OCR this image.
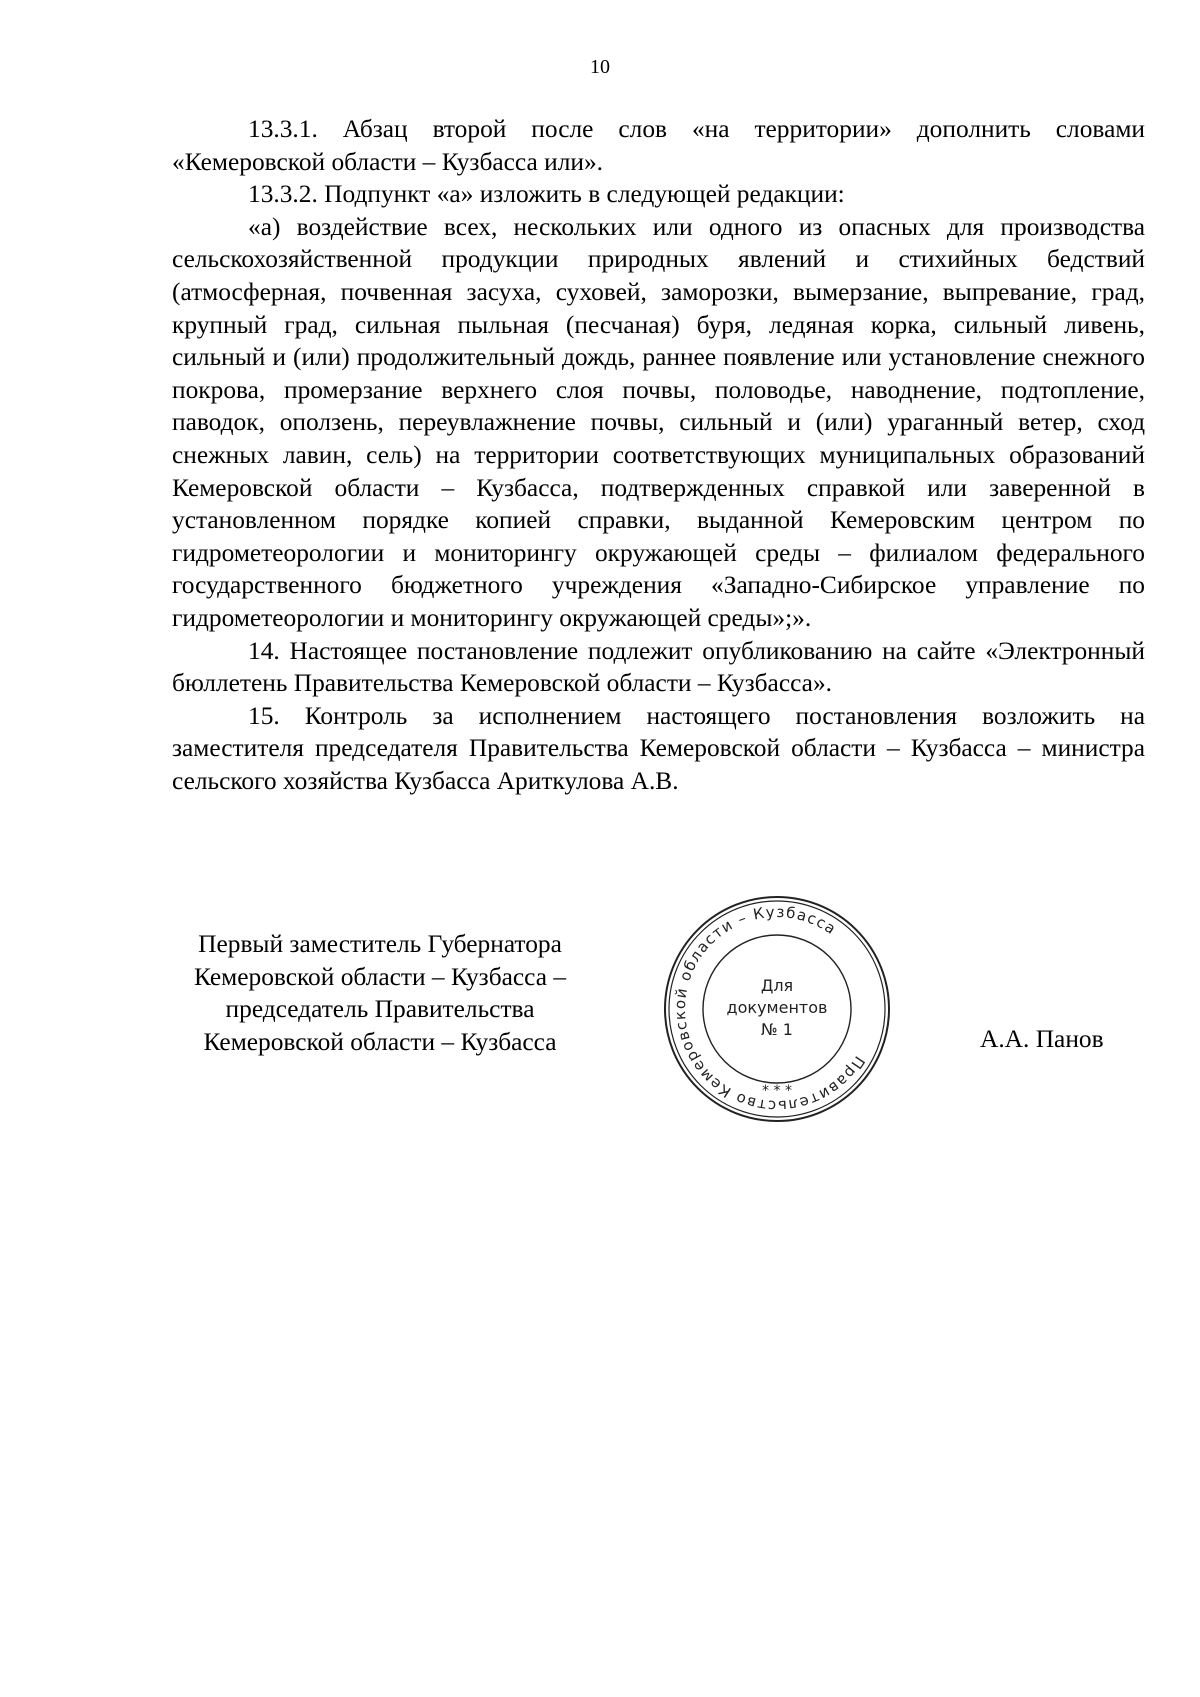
10

13.3.1. Абзац второй после слов «на территории» дополнить словами «Кемеровской области – Кузбасса или».

13.3.2. Подпункт «а» изложить в следующей редакции:

«а) воздействие всех, нескольких или одного из опасных для производства сельскохозяйственной продукции природных явлений и стихийных бедствий (атмосферная, почвенная засуха, суховей, заморозки, вымерзание, выпревание, град, крупный град, сильная пыльная (песчаная) буря, ледяная корка, сильный ливень, сильный и (или) продолжительный дождь, раннее появление или установление снежного покрова, промерзание верхнего слоя почвы, половодье, наводнение, подтопление, паводок, оползень, переувлажнение почвы, сильный и (или) ураганный ветер, сход снежных лавин, сель) на территории соответствующих муниципальных образований Кемеровской области – Кузбасса, подтвержденных справкой или заверенной в установленном порядке копией справки, выданной Кемеровским центром по гидрометеорологии и мониторингу окружающей среды – филиалом федерального государственного бюджетного учреждения «Западно-Сибирское управление по гидрометеорологии и мониторингу окружающей среды»;».

14. Настоящее постановление подлежит опубликованию на сайте «Электронный бюллетень Правительства Кемеровской области – Кузбасса».

15. Контроль за исполнением настоящего постановления возложить на заместителя председателя Правительства Кемеровской области – Кузбасса – министра сельского хозяйства Кузбасса Ариткулова А.В.

Первый заместитель Губернатора
Кемеровской области – Кузбасса –
председатель Правительства
Кемеровской области – Кузбасса	А.А. Панов
Правительство Кемеровской области – Кузбасса
* * *
Для
документов
№ 1
